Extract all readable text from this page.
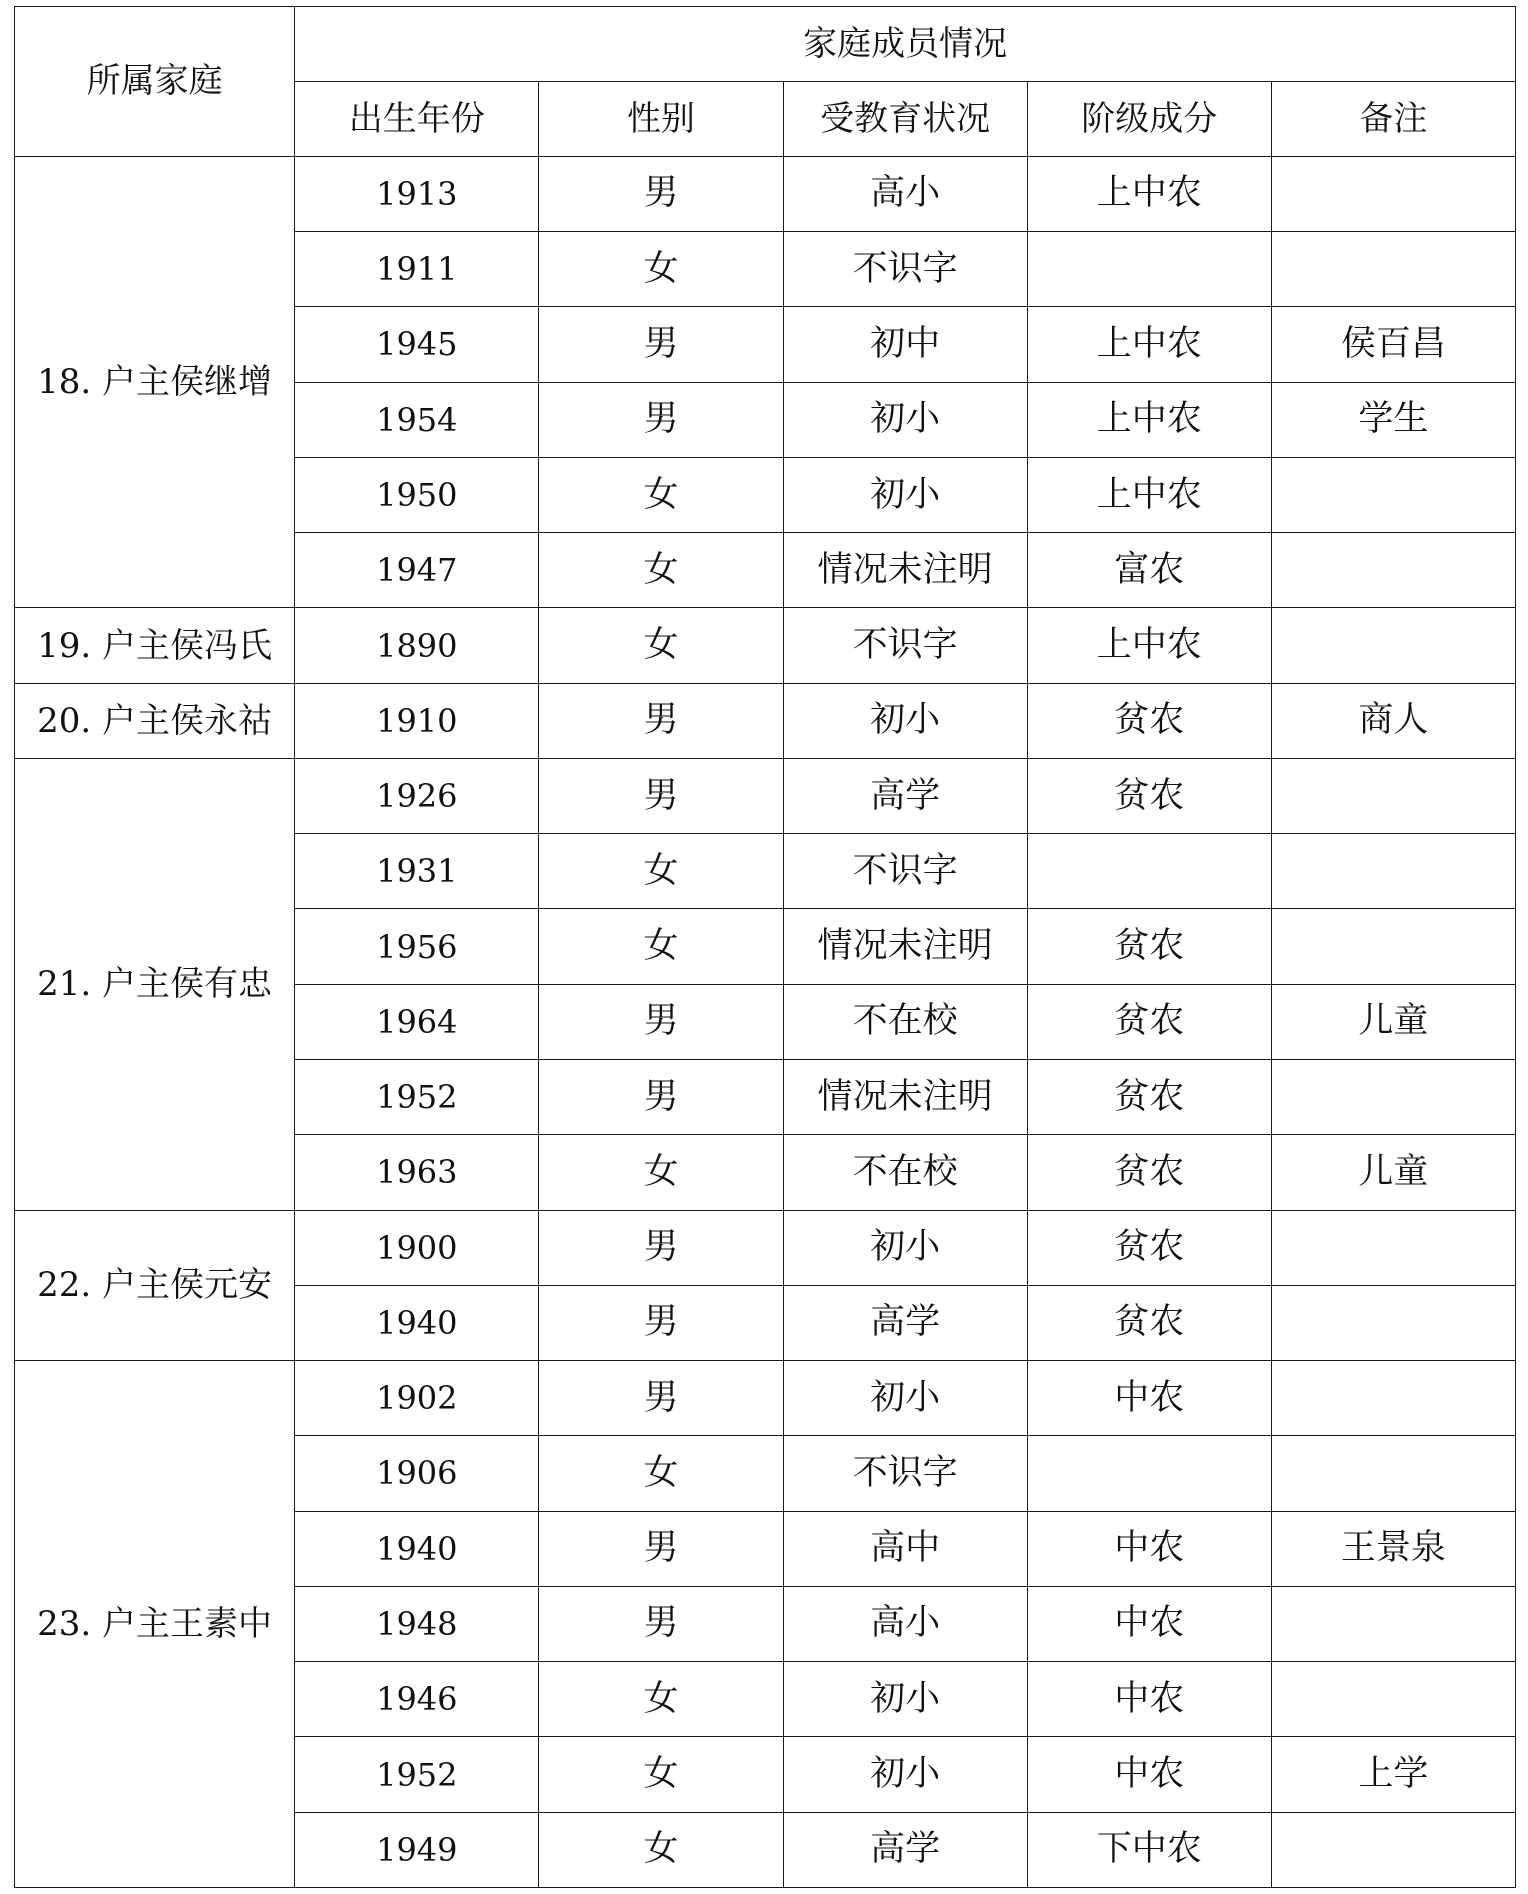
所属家庭	家庭成员情况				
	出生年份	性别	受教育状况	阶级成分	备注
18. 户主侯继增	1913	男	高小	上中农	
	1911	女	不识字		
	1945	男	初中	上中农	侯百昌
	1954	男	初小	上中农	学生
	1950	女	初小	上中农	
	1947	女	情况未注明	富农	
19. 户主侯冯氏	1890	女	不识字	上中农	
20. 户主侯永祜	1910	男	初小	贫农	商人
21. 户主侯有忠	1926	男	高学	贫农	
	1931	女	不识字		
	1956	女	情况未注明	贫农	
	1964	男	不在校	贫农	儿童
	1952	男	情况未注明	贫农	
	1963	女	不在校	贫农	儿童
22. 户主侯元安	1900	男	初小	贫农	
	1940	男	高学	贫农	
23. 户主王素中	1902	男	初小	中农	
	1906	女	不识字		
	1940	男	高中	中农	王景泉
	1948	男	高小	中农	
	1946	女	初小	中农	
	1952	女	初小	中农	上学
	1949	女	高学	下中农	
